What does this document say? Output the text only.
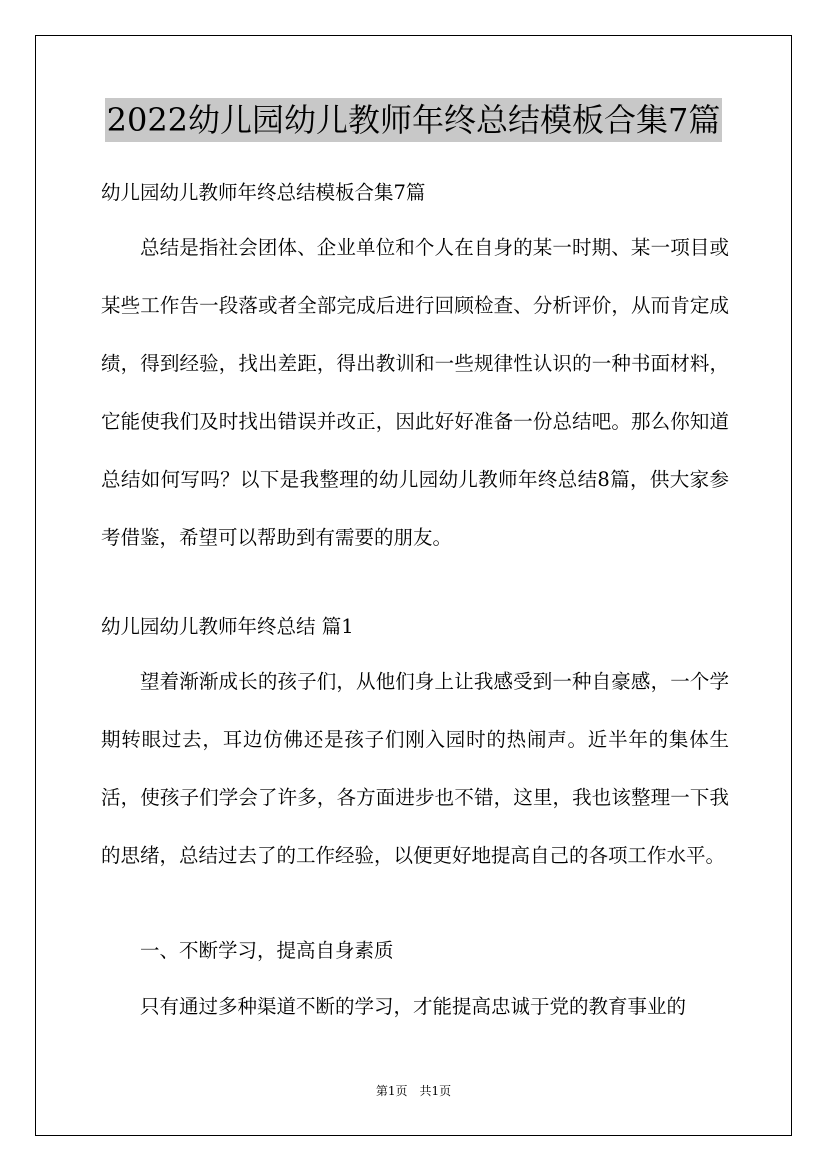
2022幼儿园幼儿教师年终总结模板合集7篇
幼儿园幼儿教师年终总结模板合集7篇

总结是指社会团体、企业单位和个人在自身的某一时期、某一项目或某些工作告一段落或者全部完成后进行回顾检查、分析评价，从而肯定成绩，得到经验，找出差距，得出教训和一些规律性认识的一种书面材料，它能使我们及时找出错误并改正，因此好好准备一份总结吧。那么你知道总结如何写吗？以下是我整理的幼儿园幼儿教师年终总结8篇，供大家参考借鉴，希望可以帮助到有需要的朋友。

幼儿园幼儿教师年终总结 篇1

望着渐渐成长的孩子们，从他们身上让我感受到一种自豪感，一个学期转眼过去，耳边仿佛还是孩子们刚入园时的热闹声。近半年的集体生活，使孩子们学会了许多，各方面进步也不错，这里，我也该整理一下我的思绪，总结过去了的工作经验，以便更好地提高自己的各项工作水平。

一、不断学习，提高自身素质

只有通过多种渠道不断的学习，才能提高忠诚于党的教育事业的

第1页　共1页
